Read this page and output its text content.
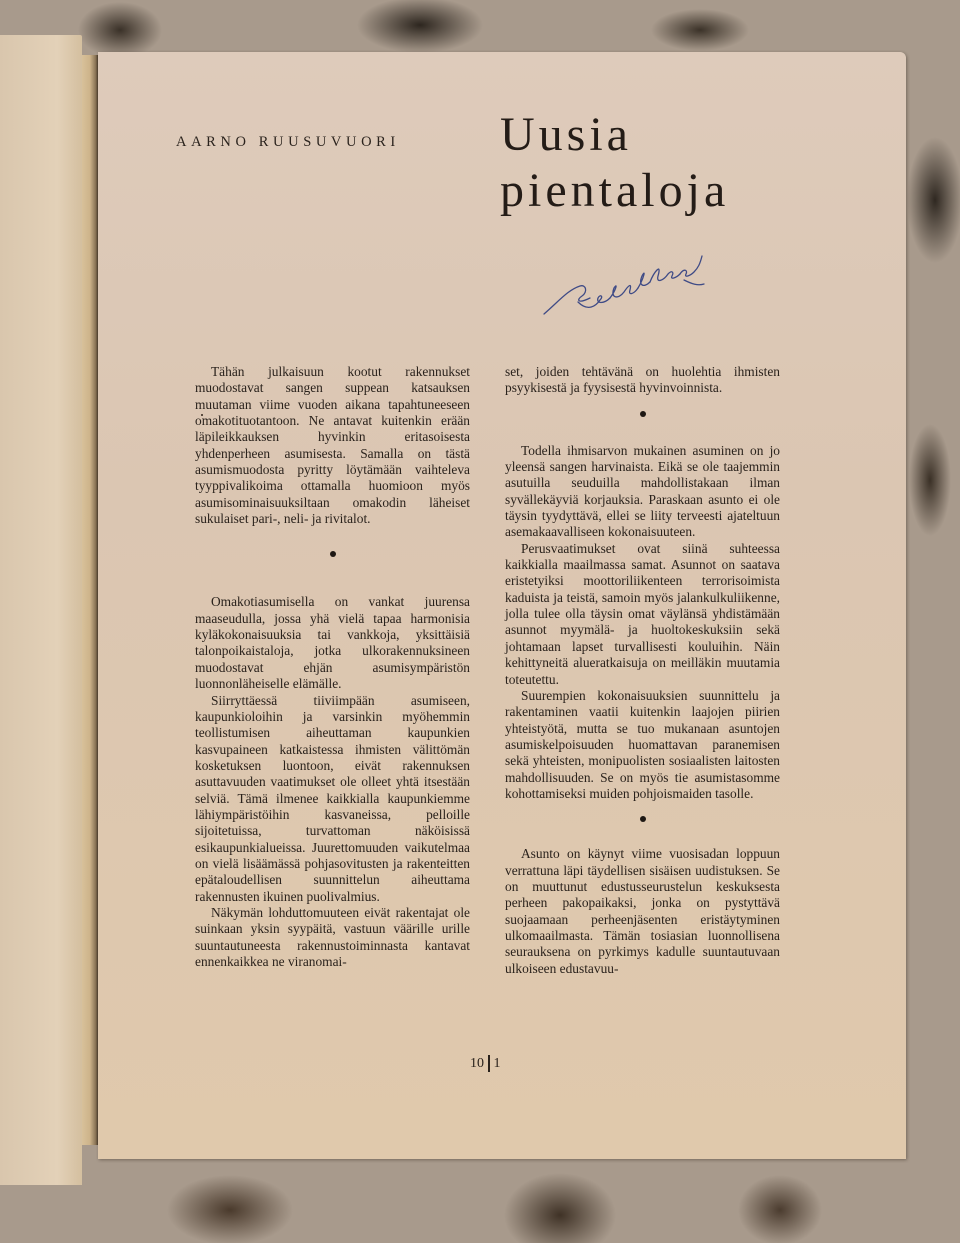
AARNO RUUSUVUORI Uusia
pientaloja

Tähän julkaisuun kootut rakennukset muodostavat sangen suppean katsauksen muutaman viime vuoden aikana tapahtuneeseen omakotituotantoon. Ne antavat kuitenkin erään läpileikkauksen hyvinkin eritasoisesta yhdenperheen asumisesta. Samalla on tästä asumismuodosta pyritty löytämään vaihteleva tyyppivalikoima ottamalla huomioon myös asumisominaisuuksiltaan omakodin läheiset sukulaiset pari-, neli- ja rivitalot.

Omakotiasumisella on vankat juurensa maaseudulla, jossa yhä vielä tapaa harmonisia kyläkokonaisuuksia tai vankkoja, yksittäisiä talonpoikaistaloja, jotka ulkorakennuksineen muodostavat ehjän asumisympäristön luonnonläheiselle elämälle.

Siirryttäessä tiiviimpään asumiseen, kaupunkioloihin ja varsinkin myöhemmin teollistumisen aiheuttaman kaupunkien kasvupaineen katkaistessa ihmisten välittömän kosketuksen luontoon, eivät rakennuksen asuttavuuden vaatimukset ole olleet yhtä itsestään selviä. Tämä ilmenee kaikkialla kaupunkiemme lähiympäristöihin kasvaneissa, pelloille sijoitetuissa, turvattoman näköisissä esikaupunkialueissa. Juurettomuuden vaikutelmaa on vielä lisäämässä pohjasovitusten ja rakenteitten epätaloudellisen suunnittelun aiheuttama rakennusten ikuinen puolivalmius.

Näkymän lohduttomuuteen eivät rakentajat ole suinkaan yksin syypäitä, vastuun väärille urille suuntautuneesta rakennustoiminnasta kantavat ennenkaikkea ne viranomai-

set, joiden tehtävänä on huolehtia ihmisten psyykisestä ja fyysisestä hyvinvoinnista.

Todella ihmisarvon mukainen asuminen on jo yleensä sangen harvinaista. Eikä se ole taajemmin asutuilla seuduilla mahdollistakaan ilman syvällekäyviä korjauksia. Paraskaan asunto ei ole täysin tyydyttävä, ellei se liity terveesti ajateltuun asemakaavalliseen kokonaisuuteen.

Perusvaatimukset ovat siinä suhteessa kaikkialla maailmassa samat. Asunnot on saatava eristetyiksi moottoriliikenteen terrorisoimista kaduista ja teistä, samoin myös jalankulkuliikenne, jolla tulee olla täysin omat väylänsä yhdistämään asunnot myymälä- ja huoltokeskuksiin sekä johtamaan lapset turvallisesti kouluihin. Näin kehittyneitä alueratkaisuja on meilläkin muutamia toteutettu.

Suurempien kokonaisuuksien suunnittelu ja rakentaminen vaatii kuitenkin laajojen piirien yhteistyötä, mutta se tuo mukanaan asuntojen asumiskelpoisuuden huomattavan paranemisen sekä yhteisten, monipuolisten sosiaalisten laitosten mahdollisuuden. Se on myös tie asumistasomme kohottamiseksi muiden pohjoismaiden tasolle.

Asunto on käynyt viime vuosisadan loppuun verrattuna läpi täydellisen sisäisen uudistuksen. Se on muuttunut edustusseurustelun keskuksesta perheen pakopaikaksi, jonka on pystyttävä suojaamaan perheenjäsenten eristäytyminen ulkomaailmasta. Tämän tosiasian luonnollisena seurauksena on pyrkimys kadulle suuntautuvaan ulkoiseen edustavuu-

10 1
